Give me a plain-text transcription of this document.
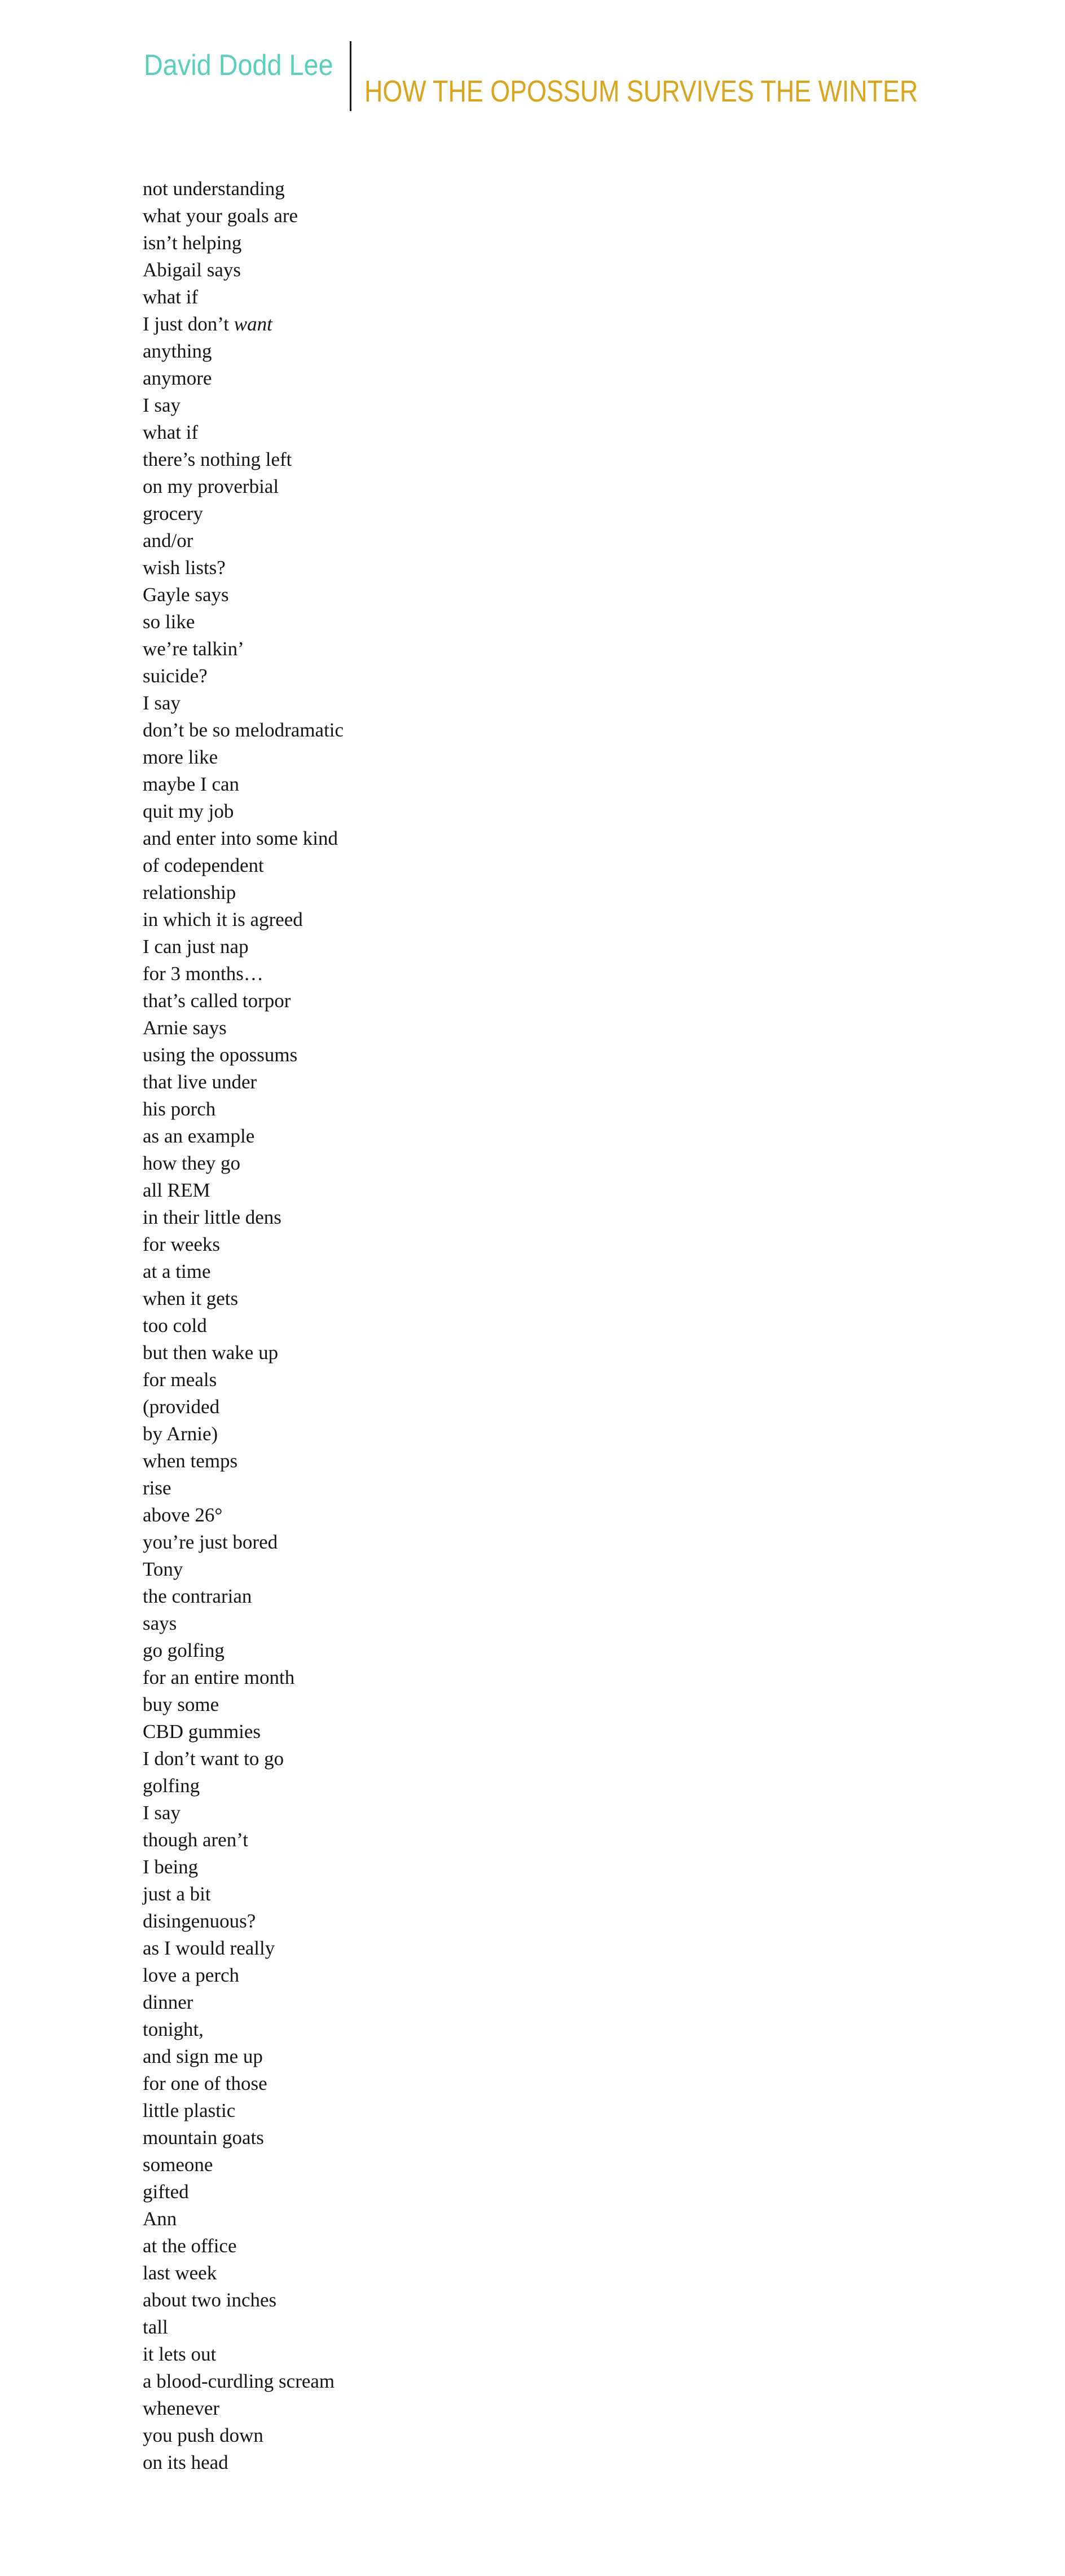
David Dodd Lee
HOW THE OPOSSUM SURVIVES THE WINTER
not understanding
what your goals are
isn’t helping
Abigail says
what if
I just don’t want
anything
anymore
I say
what if
there’s nothing left
on my proverbial
grocery
and/or
wish lists?
Gayle says
so like
we’re talkin’
suicide?
I say
don’t be so melodramatic
more like
maybe I can
quit my job
and enter into some kind
of codependent
relationship
in which it is agreed
I can just nap
for 3 months…
that’s called torpor
Arnie says
using the opossums
that live under
his porch
as an example
how they go
all REM
in their little dens
for weeks
at a time
when it gets
too cold
but then wake up
for meals
(provided
by Arnie)
when temps
rise
above 26°
you’re just bored
Tony
the contrarian
says
go golfing
for an entire month
buy some
CBD gummies
I don’t want to go
golfing
I say
though aren’t
I being
just a bit
disingenuous?
as I would really
love a perch
dinner
tonight,
and sign me up
for one of those
little plastic
mountain goats
someone
gifted
Ann
at the office
last week
about two inches
tall
it lets out
a blood-curdling scream
whenever
you push down
on its head
